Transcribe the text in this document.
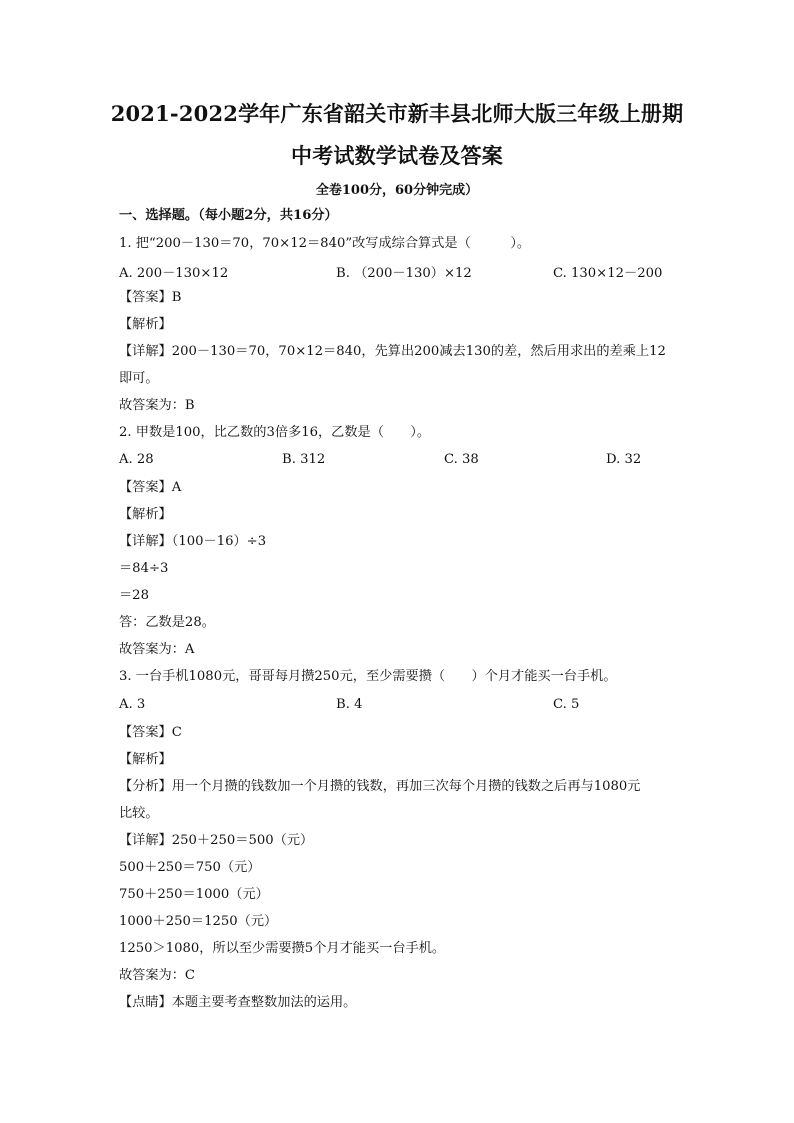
2021-2022学年广东省韶关市新丰县北师大版三年级上册期
中考试数学试卷及答案
全卷100分，60分钟完成）
一、选择题。（每小题2分，共16分）
1. 把“200－130＝70，70×12＝840”改写成综合算式是（　　　）。
A. 200－130×12	B. （200－130）×12	C. 130×12－200
【答案】B
【解析】
【详解】200－130＝70，70×12＝840，先算出200减去130的差，然后用求出的差乘上12
即可。
故答案为：B
2. 甲数是100，比乙数的3倍多16，乙数是（　　）。
A. 28	B. 312	C. 38	D. 32
【答案】A
【解析】
【详解】（100－16）÷3
＝84÷3
＝28
答：乙数是28。
故答案为：A
3. 一台手机1080元，哥哥每月攒250元，至少需要攒（　　）个月才能买一台手机。
A. 3	B. 4	C. 5
【答案】C
【解析】
【分析】用一个月攒的钱数加一个月攒的钱数，再加三次每个月攒的钱数之后再与1080元
比较。
【详解】250＋250＝500（元）
500＋250＝750（元）
750＋250＝1000（元）
1000＋250＝1250（元）
1250＞1080，所以至少需要攒5个月才能买一台手机。
故答案为：C
【点睛】本题主要考查整数加法的运用。
